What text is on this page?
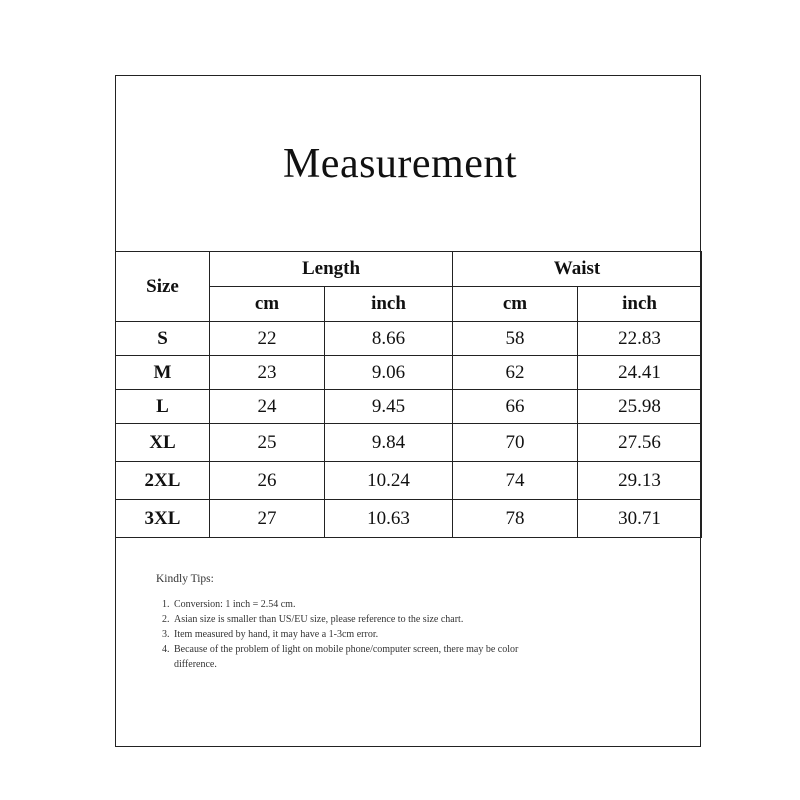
Measurement
Size	Length		Waist	
	cm	inch	cm	inch
S	22	8.66	58	22.83
M	23	9.06	62	24.41
L	24	9.45	66	25.98
XL	25	9.84	70	27.56
2XL	26	10.24	74	29.13
3XL	27	10.63	78	30.71
Kindly Tips:
1. Conversion: 1 inch = 2.54 cm.
2. Asian size is smaller than US/EU size, please reference to the size chart.
3. Item measured by hand, it may have a 1-3cm error.
4. Because of the problem of light on mobile phone/computer screen, there may be color difference.
